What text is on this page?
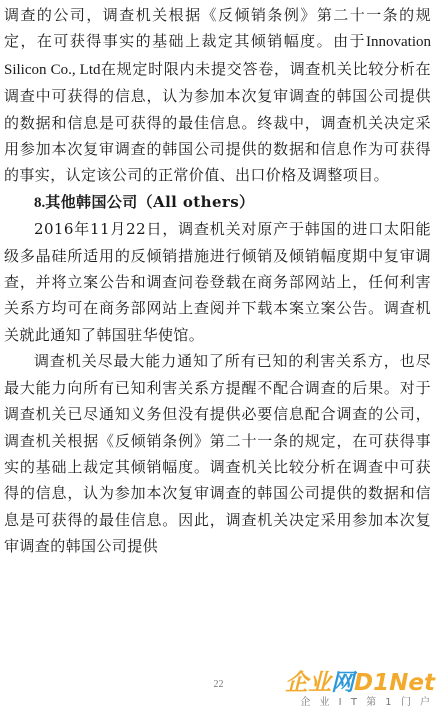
调查的公司，调查机关根据《反倾销条例》第二十一条的规定，在可获得事实的基础上裁定其倾销幅度。由于Innovation Silicon Co., Ltd在规定时限内未提交答卷，调查机关比较分析在调查中可获得的信息，认为参加本次复审调查的韩国公司提供的数据和信息是可获得的最佳信息。终裁中，调查机关决定采用参加本次复审调查的韩国公司提供的数据和信息作为可获得的事实，认定该公司的正常价值、出口价格及调整项目。

8.其他韩国公司（All others）

2016年11月22日，调查机关对原产于韩国的进口太阳能级多晶硅所适用的反倾销措施进行倾销及倾销幅度期中复审调查，并将立案公告和调查问卷登载在商务部网站上，任何利害关系方均可在商务部网站上查阅并下载本案立案公告。调查机关就此通知了韩国驻华使馆。

调查机关尽最大能力通知了所有已知的利害关系方，也尽最大能力向所有已知利害关系方提醒不配合调查的后果。对于调查机关已尽通知义务但没有提供必要信息配合调查的公司，调查机关根据《反倾销条例》第二十一条的规定，在可获得事实的基础上裁定其倾销幅度。调查机关比较分析在调查中可获得的信息，认为参加本次复审调查的韩国公司提供的数据和信息是可获得的最佳信息。因此，调查机关决定采用参加本次复审调查的韩国公司提供

22	企业网D1Net
企 业 I T 第 1 门 户
